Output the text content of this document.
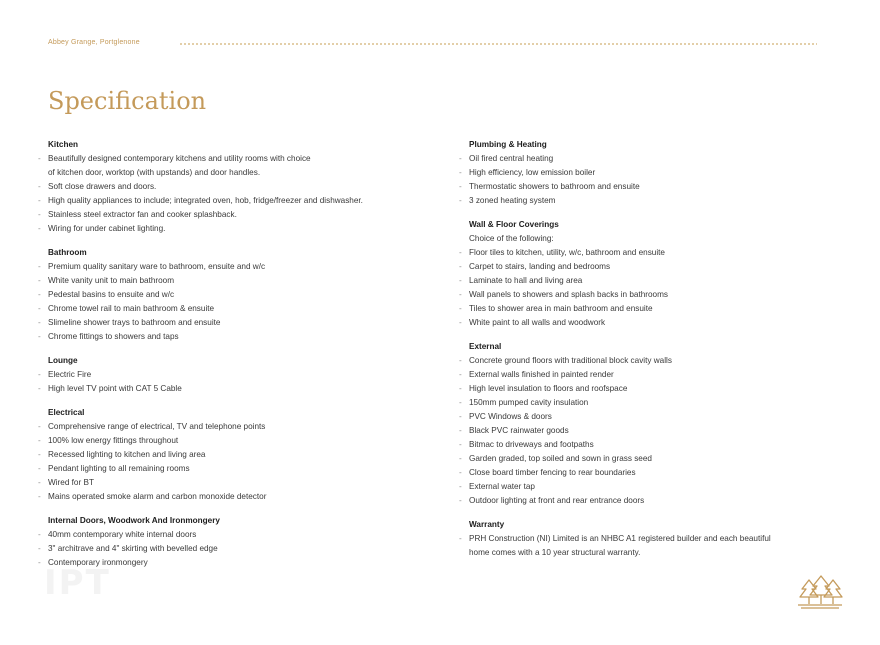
Abbey Grange, Portglenone
Specification
IPT
Kitchen
- Beautifully designed contemporary kitchens and utility rooms with choice
of kitchen door, worktop (with upstands) and door handles.
- Soft close drawers and doors.
- High quality appliances to include; integrated oven, hob, fridge/freezer and dishwasher.
- Stainless steel extractor fan and cooker splashback.
- Wiring for under cabinet lighting.
Bathroom
- Premium quality sanitary ware to bathroom, ensuite and w/c
- White vanity unit to main bathroom
- Pedestal basins to ensuite and w/c
- Chrome towel rail to main bathroom & ensuite
- Slimeline shower trays to bathroom and ensuite
- Chrome fittings to showers and taps
Lounge
- Electric Fire
- High level TV point with CAT 5 Cable
Electrical
- Comprehensive range of electrical, TV and telephone points
- 100% low energy fittings throughout
- Recessed lighting to kitchen and living area
- Pendant lighting to all remaining rooms
- Wired for BT
- Mains operated smoke alarm and carbon monoxide detector
Internal Doors, Woodwork And Ironmongery
- 40mm contemporary white internal doors
- 3" architrave and 4" skirting with bevelled edge
- Contemporary ironmongery
Plumbing & Heating
- Oil fired central heating
- High efficiency, low emission boiler
- Thermostatic showers to bathroom and ensuite
- 3 zoned heating system
Wall & Floor Coverings
Choice of the following:
- Floor tiles to kitchen, utility, w/c, bathroom and ensuite
- Carpet to stairs, landing and bedrooms
- Laminate to hall and living area
- Wall panels to showers and splash backs in bathrooms
- Tiles to shower area in main bathroom and ensuite
- White paint to all walls and woodwork
External
- Concrete ground floors with traditional block cavity walls
- External walls finished in painted render
- High level insulation to floors and roofspace
- 150mm pumped cavity insulation
- PVC Windows & doors
- Black PVC rainwater goods
- Bitmac to driveways and footpaths
- Garden graded, top soiled and sown in grass seed
- Close board timber fencing to rear boundaries
- External water tap
- Outdoor lighting at front and rear entrance doors
Warranty
- PRH Construction (NI) Limited is an NHBC A1 registered builder and each beautiful
home comes with a 10 year structural warranty.
